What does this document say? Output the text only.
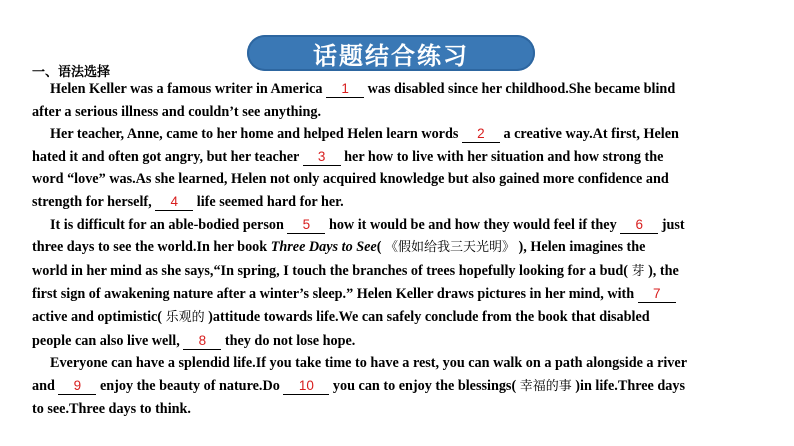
话题结合练习
一、语法选择
Helen Keller was a famous writer in America 1 was disabled since her childhood.She became blind
after a serious illness and couldn’t see anything.
Her teacher, Anne, came to her home and helped Helen learn words 2 a creative way.At first, Helen
hated it and often got angry, but her teacher 3 her how to live with her situation and how strong the
word “love” was.As she learned, Helen not only acquired knowledge but also gained more confidence and
strength for herself, 4 life seemed hard for her.
It is difficult for an able-bodied person 5 how it would be and how they would feel if they 6 just
three days to see the world.In her book Three Days to See( 《假如给我三天光明》 ), Helen imagines the
world in her mind as she says,“In spring, I touch the branches of trees hopefully looking for a bud( 芽 ), the
first sign of awakening nature after a winter’s sleep.” Helen Keller draws pictures in her mind, with 7
active and optimistic( 乐观的 )attitude towards life.We can safely conclude from the book that disabled
people can also live well, 8 they do not lose hope.
Everyone can have a splendid life.If you take time to have a rest, you can walk on a path alongside a river
and 9 enjoy the beauty of nature.Do 10 you can to enjoy the blessings( 幸福的事 )in life.Three days
to see.Three days to think.
